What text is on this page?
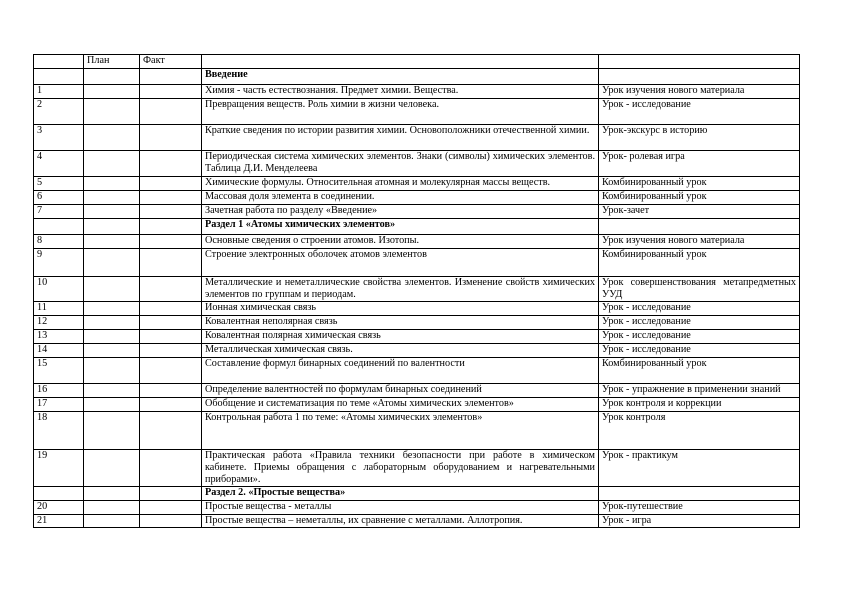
	План	Факт		
			Введение	
1			Химия - часть естествознания. Предмет химии. Вещества.	Урок изучения нового материала
2			Превращения веществ. Роль химии в жизни человека.	Урок - исследование
3			Краткие сведения по истории развития химии. Основоположники отечественной химии.	Урок-экскурс в историю
4			Периодическая система химических элементов. Знаки (символы) химических элементов. Таблица Д.И. Менделеева	Урок- ролевая игра
5			Химические формулы. Относительная атомная и молекулярная массы веществ.	Комбинированный урок
6			Массовая доля элемента в соединении.	Комбинированный урок
7			Зачетная работа по разделу «Введение»	Урок-зачет
			Раздел 1 «Атомы химических элементов»	
8			Основные сведения о строении атомов. Изотопы.	Урок изучения нового материала
9			Строение электронных оболочек атомов элементов	Комбинированный урок
10			Металлические и неметаллические свойства элементов. Изменение свойств химических элементов по группам и периодам.	Урок совершенствования метапредметных УУД
11			Ионная химическая связь	Урок - исследование
12			Ковалентная неполярная связь	Урок - исследование
13			Ковалентная полярная химическая связь	Урок - исследование
14			Металлическая химическая связь.	Урок - исследование
15			Составление формул бинарных соединений по валентности	Комбинированный урок
16			Определение валентностей по формулам бинарных соединений	Урок - упражнение в применении знаний
17			Обобщение и систематизация по теме «Атомы химических элементов»	Урок контроля и коррекции
18			Контрольная работа 1 по теме: «Атомы химических элементов»	Урок контроля
19			Практическая работа «Правила техники безопасности при работе в химическом кабинете. Приемы обращения с лабораторным оборудованием и нагревательными приборами».	Урок - практикум
			Раздел 2. «Простые вещества»	
20			Простые вещества - металлы	Урок-путешествие
21			Простые вещества – неметаллы, их сравнение с металлами. Аллотропия.	Урок - игра
